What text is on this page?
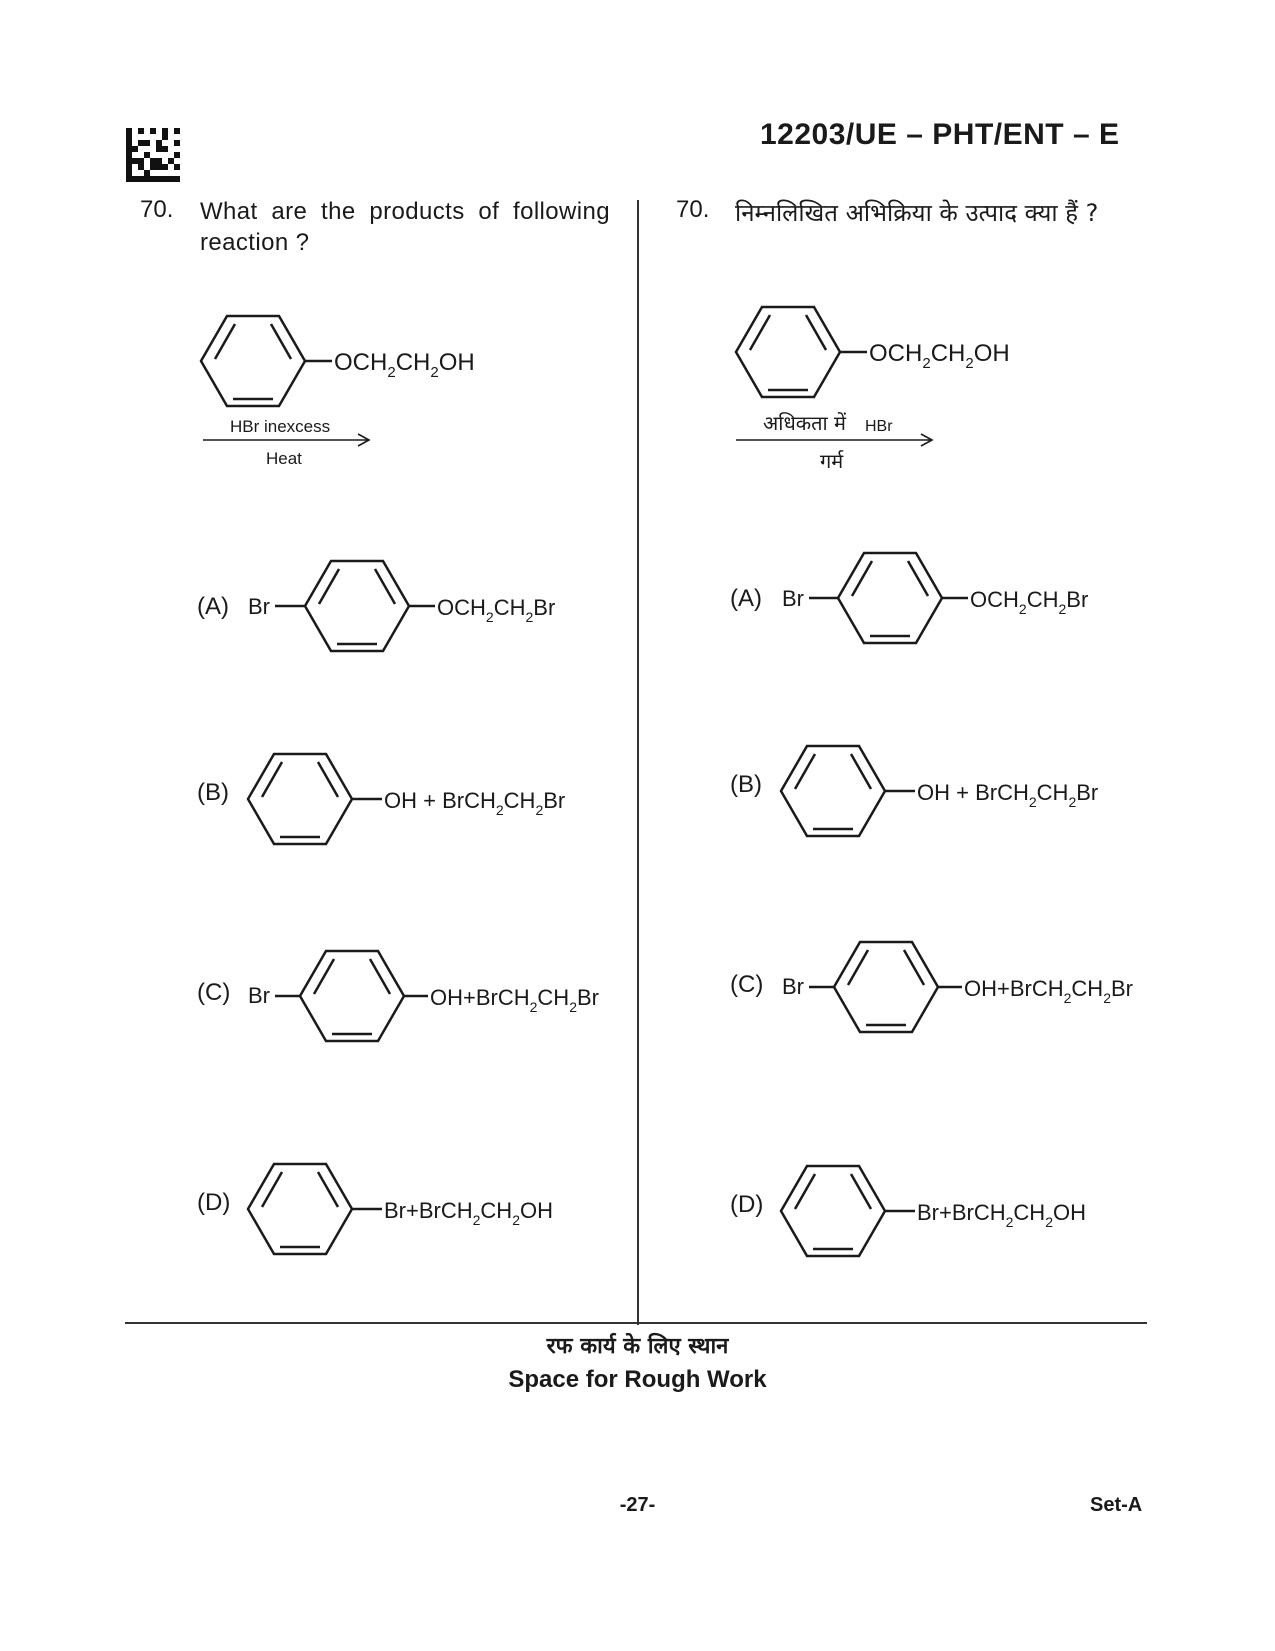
12203/UE – PHT/ENT – E
70. What are the products of following reaction ?
70. निम्नलिखित अभिक्रिया के उत्पाद क्या हैं ?
$OCH_2CH_2OH$
HBr inexcess
Heat
(A) Br	$OCH_2CH_2Br$
(B)	OH + $BrCH_2CH_2Br$
(C) Br	$OH+BrCH_2CH_2Br$
(D)	$Br+BrCH_2CH_2OH$
$OCH_2CH_2OH$
अधिकता में HBr
गर्म
(A) Br	$OCH_2CH_2Br$
(B)	OH + $BrCH_2CH_2Br$
(C) Br	$OH+BrCH_2CH_2Br$
(D)	$Br+BrCH_2CH_2OH$
रफ कार्य के लिए स्थान
Space for Rough Work
-27-	Set-A
